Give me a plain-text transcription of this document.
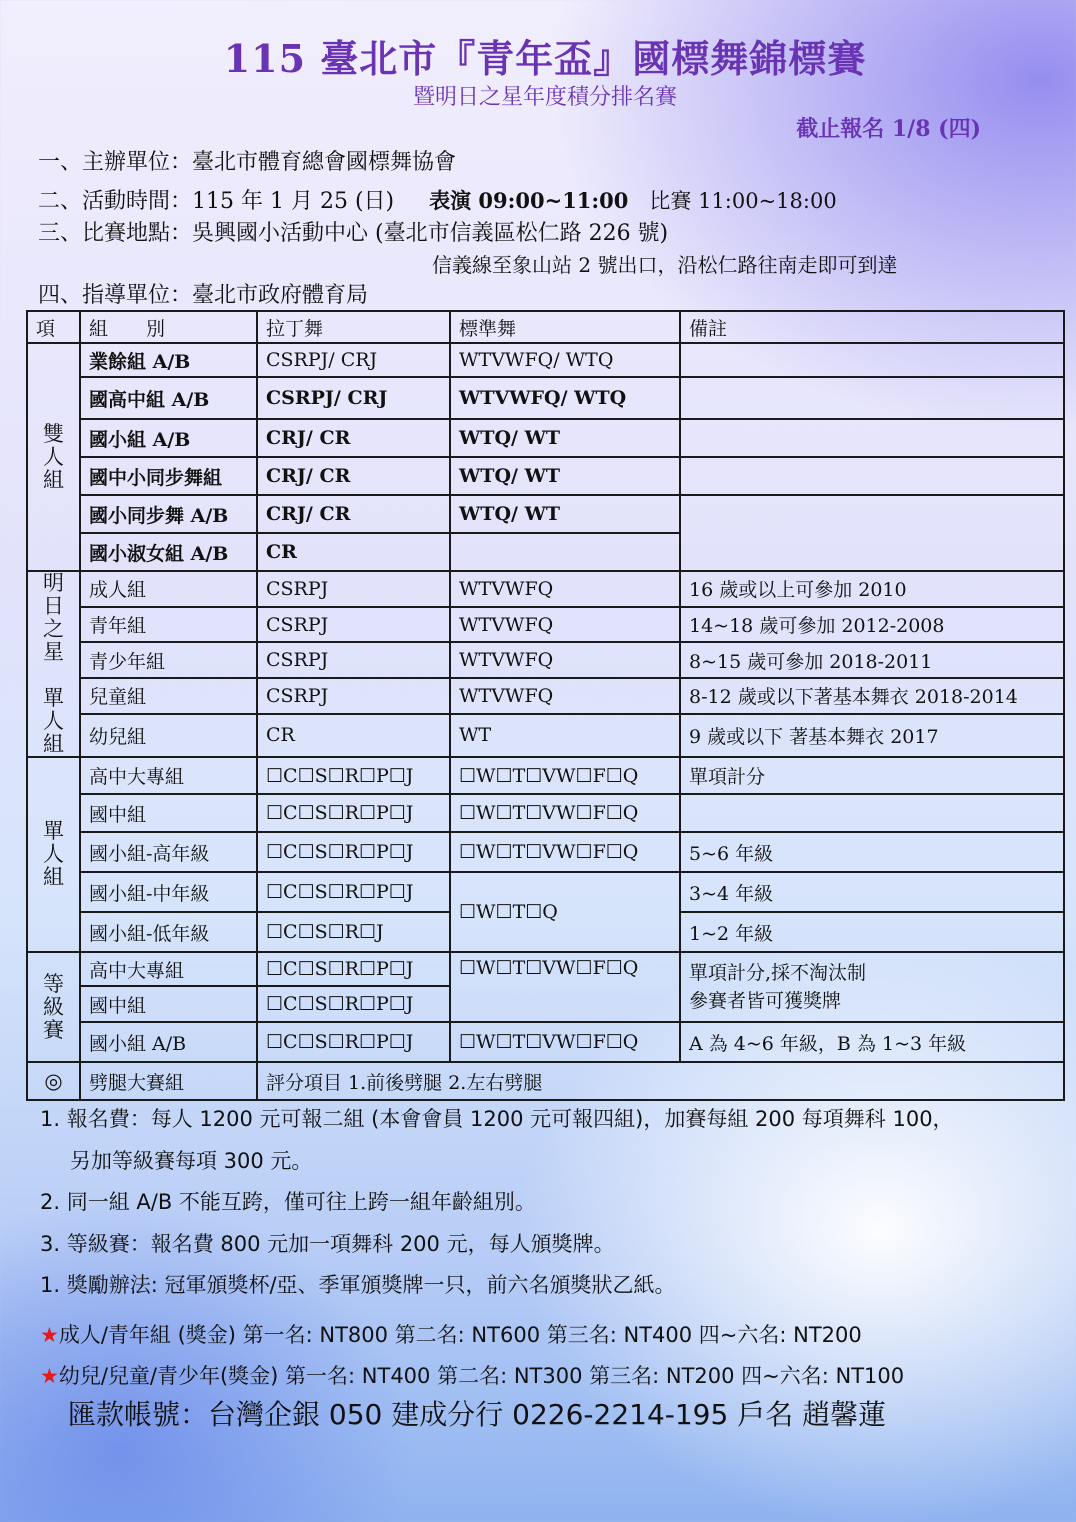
115 臺北市『青年盃』國標舞錦標賽
暨明日之星年度積分排名賽
截止報名 1/8 (四)
一、主辦單位：臺北市體育總會國標舞協會
二、活動時間：115 年 1 月 25 (日) 表演 09:00~11:00 比賽 11:00~18:00
三、比賽地點：吳興國小活動中心 (臺北市信義區松仁路 226 號)
信義線至象山站 2 號出口，沿松仁路往南走即可到達
四、指導單位：臺北市政府體育局
項	組　　別	拉丁舞	標準舞	備註
雙人組	業餘組 A/B	CSRPJ/ CRJ	WTVWFQ/ WTQ	
	國高中組 A/B	CSRPJ/ CRJ	WTVWFQ/ WTQ	
	國小組 A/B	CRJ/ CR	WTQ/ WT	
	國中小同步舞組	CRJ/ CR	WTQ/ WT	
	國小同步舞 A/B	CRJ/ CR	WTQ/ WT	
	國小淑女組 A/B	CR		
明日之星

單人組	成人組	CSRPJ	WTVWFQ	16 歲或以上可參加 2010
	青年組	CSRPJ	WTVWFQ	14~18 歲可參加 2012-2008
	青少年組	CSRPJ	WTVWFQ	8~15 歲可參加 2018-2011
	兒童組	CSRPJ	WTVWFQ	8-12 歲或以下著基本舞衣 2018-2014
	幼兒組	CR	WT	9 歲或以下 著基本舞衣 2017
單人組	高中大專組	☐C☐S☐R☐P☐J	☐W☐T☐VW☐F☐Q	單項計分
	國中組	☐C☐S☐R☐P☐J	☐W☐T☐VW☐F☐Q	
	國小組-高年級	☐C☐S☐R☐P☐J	☐W☐T☐VW☐F☐Q	5~6 年級
	國小組-中年級	☐C☐S☐R☐P☐J	☐W☐T☐Q	3~4 年級
	國小組-低年級	☐C☐S☐R☐J		1~2 年級
等級賽	高中大專組	☐C☐S☐R☐P☐J	☐W☐T☐VW☐F☐Q	單項計分,採不淘汰制
參賽者皆可獲獎牌

	國中組	☐C☐S☐R☐P☐J		
	國小組 A/B	☐C☐S☐R☐P☐J	☐W☐T☐VW☐F☐Q	A 為 4~6 年級，B 為 1~3 年級
◎	劈腿大賽組	評分項目 1.前後劈腿 2.左右劈腿		
1. 報名費：每人 1200 元可報二組 (本會會員 1200 元可報四組)，加賽每組 200 每項舞科 100，
另加等級賽每項 300 元。
2. 同一組 A/B 不能互跨，僅可往上跨一組年齡組別。
3. 等級賽：報名費 800 元加一項舞科 200 元，每人頒獎牌。
1. 獎勵辦法: 冠軍頒獎杯/亞、季軍頒獎牌一只，前六名頒獎狀乙紙。
★成人/青年組 (獎金) 第一名: NT800 第二名: NT600 第三名: NT400 四~六名: NT200
★幼兒/兒童/青少年(獎金) 第一名: NT400 第二名: NT300 第三名: NT200 四~六名: NT100
匯款帳號：台灣企銀 050 建成分行 0226-2214-195 戶名 趙馨蓮
